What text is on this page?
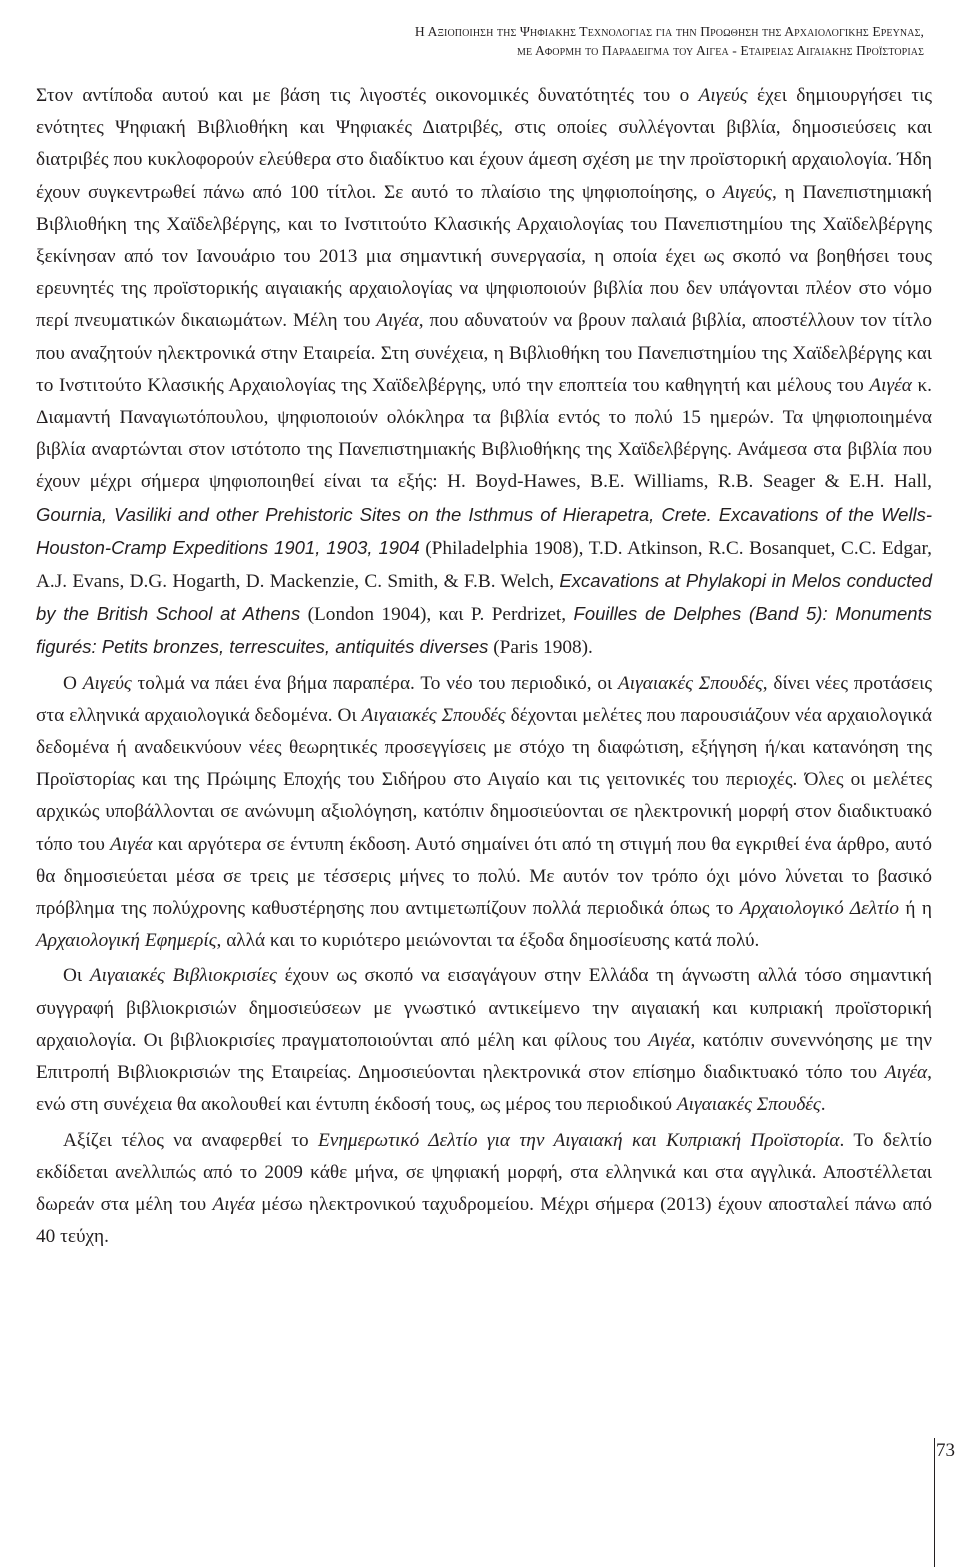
Η Αξιοποιηση της Ψηφιακης Τεχνολογιας για την Προωθηση της Αρχαιολογικης Ερευνας,
με Αφορμη το Παραδειγμα του Αιγεα - Εταιρειας Αιγαιακης Προϊστοριας

Στον αντίποδα αυτού και με βάση τις λιγοστές οικονομικές δυνατότητές του ο Αιγεύς έχει δημιουργήσει τις ενότητες Ψηφιακή Βιβλιοθήκη και Ψηφιακές Διατριβές, στις οποίες συλλέγονται βιβλία, δημοσιεύσεις και διατριβές που κυκλοφορούν ελεύθερα στο διαδίκτυο και έχουν άμεση σχέση με την προϊστορική αρχαιολογία. Ήδη έχουν συγκεντρωθεί πάνω από 100 τίτλοι. Σε αυτό το πλαίσιο της ψηφιοποίησης, ο Αιγεύς, η Πανεπιστημιακή Βιβλιοθήκη της Χαϊδελβέργης, και το Ινστιτούτο Κλασικής Αρχαιολογίας του Πανεπιστημίου της Χαϊδελβέργης ξεκίνησαν από τον Ιανουάριο του 2013 μια σημαντική συνεργασία, η οποία έχει ως σκοπό να βοηθήσει τους ερευνητές της προϊστορικής αιγαιακής αρχαιολογίας να ψηφιοποιούν βιβλία που δεν υπάγονται πλέον στο νόμο περί πνευματικών δικαιωμάτων. Μέλη του Αιγέα, που αδυνατούν να βρουν παλαιά βιβλία, αποστέλλουν τον τίτλο που αναζητούν ηλεκτρονικά στην Εταιρεία. Στη συνέχεια, η Βιβλιοθήκη του Πανεπιστημίου της Χαϊδελβέργης και το Ινστιτούτο Κλασικής Αρχαιολογίας της Χαϊδελβέργης, υπό την εποπτεία του καθηγητή και μέλους του Αιγέα κ. Διαμαντή Παναγιωτόπουλου, ψηφιοποιούν ολόκληρα τα βιβλία εντός το πολύ 15 ημερών. Τα ψηφιοποιημένα βιβλία αναρτώνται στον ιστότοπο της Πανεπιστημιακής Βιβλιοθήκης της Χαϊδελβέργης. Ανάμεσα στα βιβλία που έχουν μέχρι σήμερα ψηφιοποιηθεί είναι τα εξής: H. Boyd-Hawes, B.E. Williams, R.B. Seager & E.H. Hall, Gournia, Vasiliki and other Prehistoric Sites on the Isthmus of Hierapetra, Crete. Excavations of the Wells-Houston-Cramp Expeditions 1901, 1903, 1904 (Philadelphia 1908), T.D. Atkinson, R.C. Bosanquet, C.C. Edgar, A.J. Evans, D.G. Hogarth, D. Mackenzie, C. Smith, & F.B. Welch, Excavations at Phylakopi in Melos conducted by the British School at Athens (London 1904), και P. Perdrizet, Fouilles de Delphes (Band 5): Monuments figurés: Petits bronzes, terrescuites, antiquités diverses (Paris 1908).

Ο Αιγεύς τολμά να πάει ένα βήμα παραπέρα. Το νέο του περιοδικό, οι Αιγαιακές Σπουδές, δίνει νέες προτάσεις στα ελληνικά αρχαιολογικά δεδομένα. Οι Αιγαιακές Σπουδές δέχονται μελέτες που παρουσιάζουν νέα αρχαιολογικά δεδομένα ή αναδεικνύουν νέες θεωρητικές προσεγγίσεις με στόχο τη διαφώτιση, εξήγηση ή/και κατανόηση της Προϊστορίας και της Πρώιμης Εποχής του Σιδήρου στο Αιγαίο και τις γειτονικές του περιοχές. Όλες οι μελέτες αρχικώς υποβάλλονται σε ανώνυμη αξιολόγηση, κατόπιν δημοσιεύονται σε ηλεκτρονική μορφή στον διαδικτυακό τόπο του Αιγέα και αργότερα σε έντυπη έκδοση. Αυτό σημαίνει ότι από τη στιγμή που θα εγκριθεί ένα άρθρο, αυτό θα δημοσιεύεται μέσα σε τρεις με τέσσερις μήνες το πολύ. Με αυτόν τον τρόπο όχι μόνο λύνεται το βασικό πρόβλημα της πολύχρονης καθυστέρησης που αντιμετωπίζουν πολλά περιοδικά όπως το Αρχαιολογικό Δελτίο ή η Αρχαιολογική Εφημερίς, αλλά και το κυριότερο μειώνονται τα έξοδα δημοσίευσης κατά πολύ.

Οι Αιγαιακές Βιβλιοκρισίες έχουν ως σκοπό να εισαγάγουν στην Ελλάδα τη άγνωστη αλλά τόσο σημαντική συγγραφή βιβλιοκρισιών δημοσιεύσεων με γνωστικό αντικείμενο την αιγαιακή και κυπριακή προϊστορική αρχαιολογία. Οι βιβλιοκρισίες πραγματοποιούνται από μέλη και φίλους του Αιγέα, κατόπιν συνεννόησης με την Επιτροπή Βιβλιοκρισιών της Εταιρείας. Δημοσιεύονται ηλεκτρονικά στον επίσημο διαδικτυακό τόπο του Αιγέα, ενώ στη συνέχεια θα ακολουθεί και έντυπη έκδοσή τους, ως μέρος του περιοδικού Αιγαιακές Σπουδές.

Αξίζει τέλος να αναφερθεί το Ενημερωτικό Δελτίο για την Αιγαιακή και Κυπριακή Προϊστορία. Το δελτίο εκδίδεται ανελλιπώς από το 2009 κάθε μήνα, σε ψηφιακή μορφή, στα ελληνικά και στα αγγλικά. Αποστέλλεται δωρεάν στα μέλη του Αιγέα μέσω ηλεκτρονικού ταχυδρομείου. Μέχρι σήμερα (2013) έχουν αποσταλεί πάνω από 40 τεύχη.

73
